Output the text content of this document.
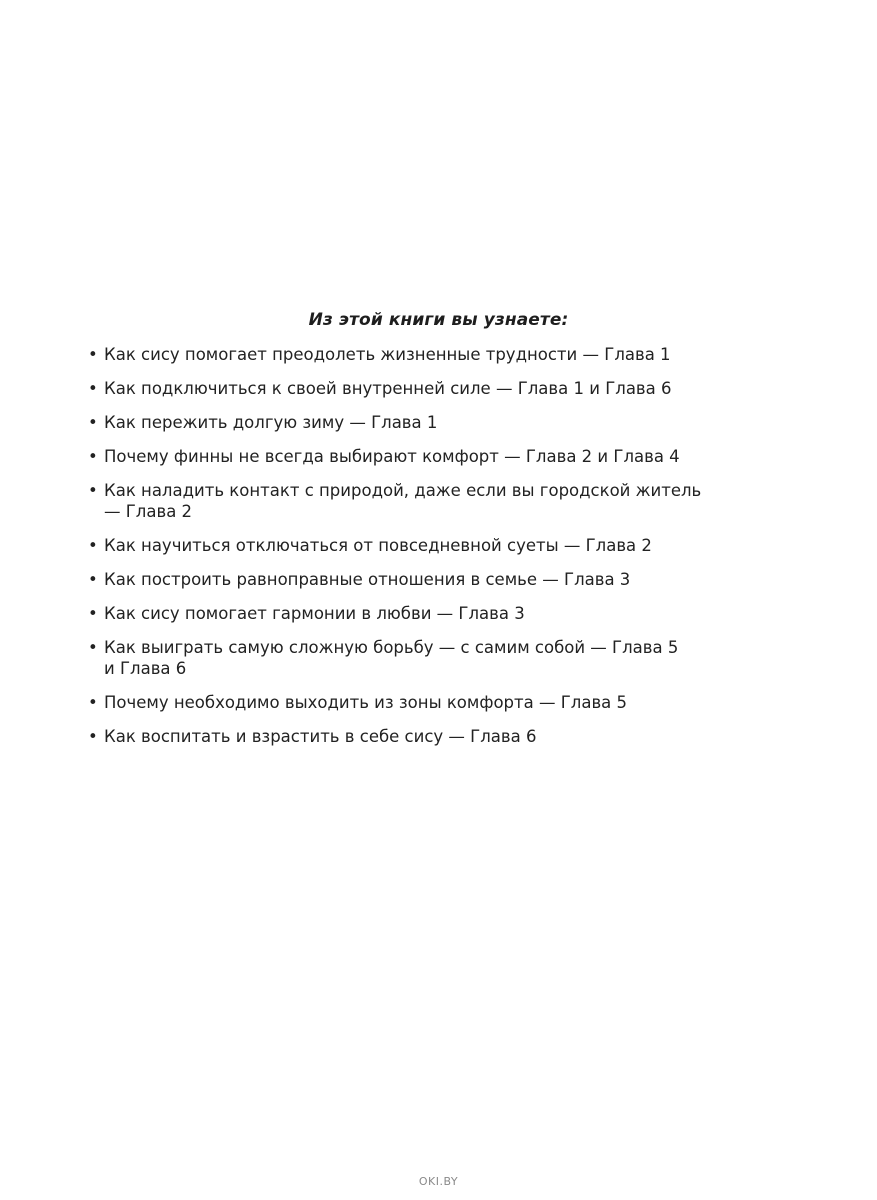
Из этой книги вы узнаете:
• Как сису помогает преодолеть жизненные трудности — Глава 1
• Как подключиться к своей внутренней силе — Глава 1 и Глава 6
• Как пережить долгую зиму — Глава 1
• Почему финны не всегда выбирают комфорт — Глава 2 и Глава 4
• Как наладить контакт с природой, даже если вы городской житель — Глава 2
• Как научиться отключаться от повседневной суеты — Глава 2
• Как построить равноправные отношения в семье — Глава 3
• Как сису помогает гармонии в любви — Глава 3
• Как выиграть самую сложную борьбу — с самим собой — Глава 5 и Глава 6
• Почему необходимо выходить из зоны комфорта — Глава 5
• Как воспитать и взрастить в себе сису — Глава 6
OKI.BY
